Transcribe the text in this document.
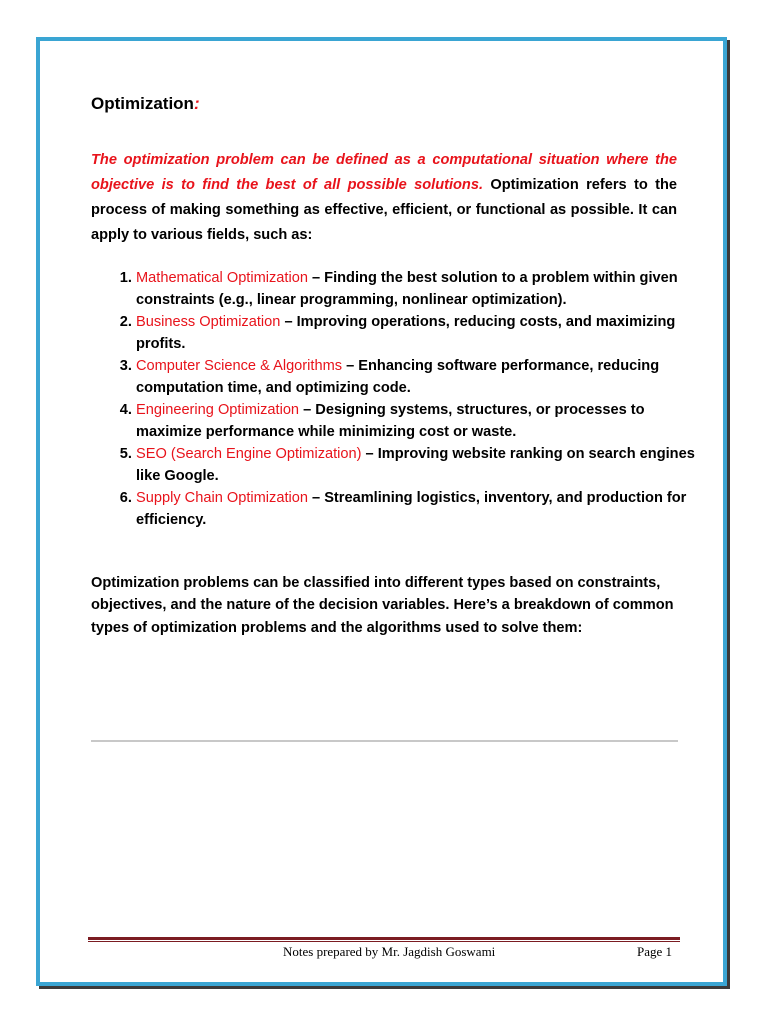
Optimization:

The optimization problem can be defined as a computational situation where the objective is to find the best of all possible solutions. Optimization refers to the process of making something as effective, efficient, or functional as possible. It can apply to various fields, such as:

1. Mathematical Optimization – Finding the best solution to a problem within given constraints (e.g., linear programming, nonlinear optimization).
2. Business Optimization – Improving operations, reducing costs, and maximizing profits.
3. Computer Science & Algorithms – Enhancing software performance, reducing computation time, and optimizing code.
4. Engineering Optimization – Designing systems, structures, or processes to maximize performance while minimizing cost or waste.
5. SEO (Search Engine Optimization) – Improving website ranking on search engines like Google.
6. Supply Chain Optimization – Streamlining logistics, inventory, and production for efficiency.

Optimization problems can be classified into different types based on constraints, objectives, and the nature of the decision variables. Here’s a breakdown of common types of optimization problems and the algorithms used to solve them:

Notes prepared by Mr. Jagdish Goswami	Page 1
